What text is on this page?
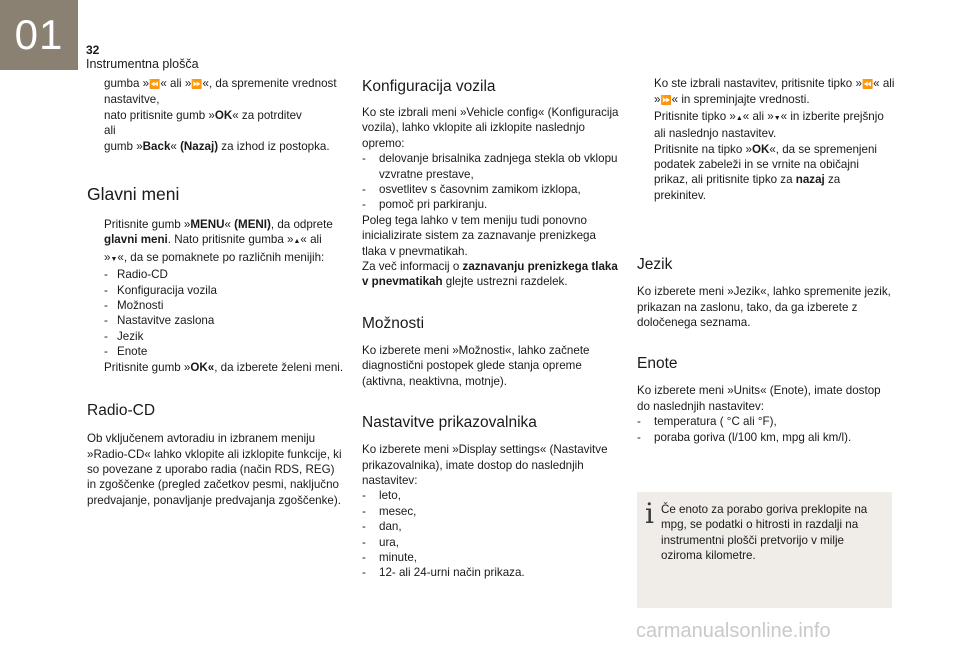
01	32
Instrumentna plošča
gumba »⏪« ali »⏩«, da spremenite vrednost nastavitve,
nato pritisnite gumb »OK« za potrditev
ali
gumb »Back« (Nazaj) za izhod iz postopka.
Glavni meni
Pritisnite gumb »MENU« (MENI), da odprete glavni meni. Nato pritisnite gumba »▲« ali »▼«, da se pomaknete po različnih menijih:
- Radio-CD
- Konfiguracija vozila
- Možnosti
- Nastavitve zaslona
- Jezik
- Enote
Pritisnite gumb »OK«, da izberete želeni meni.
Radio-CD

Ob vključenem avtoradiu in izbranem meniju »Radio-CD« lahko vklopite ali izklopite funkcije, ki so povezane z uporabo radia (način RDS, REG) in zgoščenke (pregled začetkov pesmi, naključno predvajanje, ponavljanje predvajanja zgoščenke).

Konfiguracija vozila

Ko ste izbrali meni »Vehicle config« (Konfiguracija vozila), lahko vklopite ali izklopite naslednjo opremo:

- delovanje brisalnika zadnjega stekla ob vklopu vzvratne prestave,
- osvetlitev s časovnim zamikom izklopa,
- pomoč pri parkiranju.

Poleg tega lahko v tem meniju tudi ponovno inicializirate sistem za zaznavanje prenizkega tlaka v pnevmatikah.

Za več informacij o zaznavanju prenizkega tlaka v pnevmatikah glejte ustrezni razdelek.

Možnosti

Ko izberete meni »Možnosti«, lahko začnete diagnostični postopek glede stanja opreme (aktivna, neaktivna, motnje).

Nastavitve prikazovalnika

Ko izberete meni »Display settings« (Nastavitve prikazovalnika), imate dostop do naslednjih nastavitev:

- leto,
- mesec,
- dan,
- ura,
- minute,
- 12- ali 24-urni način prikaza.
Ko ste izbrali nastavitev, pritisnite tipko »⏪« ali »⏩« in spreminjajte vrednosti.
Pritisnite tipko »▲« ali »▼« in izberite prejšnjo ali naslednjo nastavitev.
Pritisnite na tipko »OK«, da se spremenjeni podatek zabeleži in se vrnite na običajni prikaz, ali pritisnite tipko za nazaj za prekinitev.
Jezik

Ko izberete meni »Jezik«, lahko spremenite jezik, prikazan na zaslonu, tako, da ga izberete z določenega seznama.

Enote

Ko izberete meni »Units« (Enote), imate dostop do naslednjih nastavitev:

- temperatura ( °C ali °F),
- poraba goriva (l/100 km, mpg ali km/l).
i Če enoto za porabo goriva preklopite na mpg, se podatki o hitrosti in razdalji na instrumentni plošči pretvorijo v milje oziroma kilometre.

carmanualsonline.info
